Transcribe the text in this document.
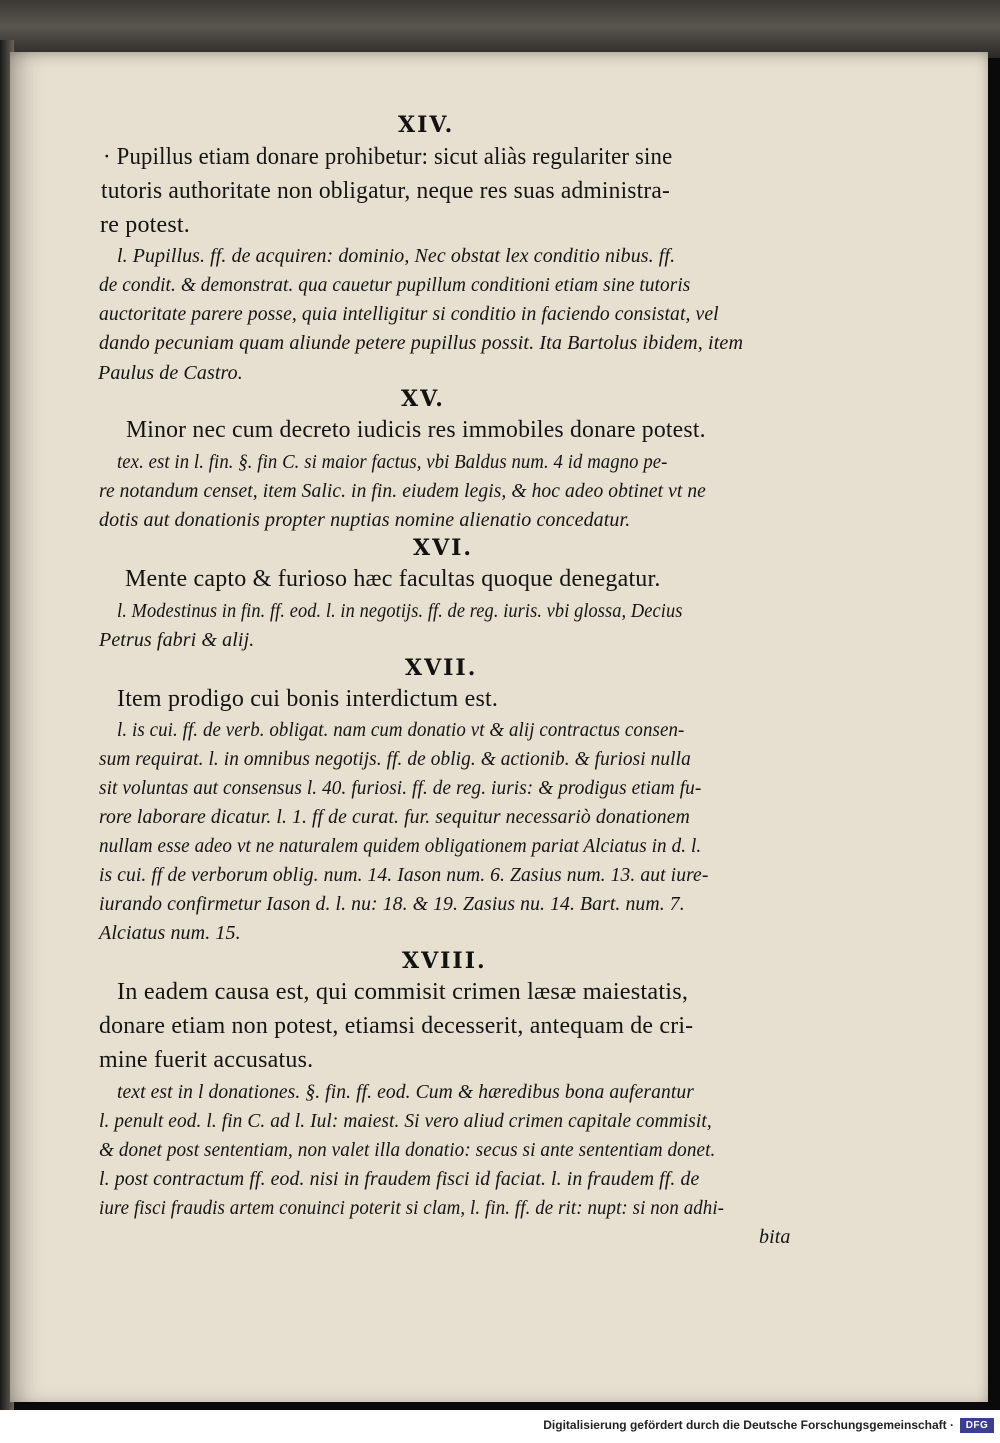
XIV.
· Pupillus etiam donare prohibetur: sicut aliàs regulariter sine
tutoris authoritate non obligatur, neque res suas administra-
re potest.
l. Pupillus. ff. de acquiren: dominio, Nec obstat lex conditio nibus. ff.
de condit. & demonstrat. qua cauetur pupillum conditioni etiam sine tutoris
auctoritate parere posse, quia intelligitur si conditio in faciendo consistat, vel
dando pecuniam quam aliunde petere pupillus possit. Ita Bartolus ibidem, item
Paulus de Castro.
XV.
Minor nec cum decreto iudicis res immobiles donare potest.
tex. est in l. fin. §. fin C. si maior factus, vbi Baldus num. 4 id magno pe-
re notandum censet, item Salic. in fin. eiudem legis, & hoc adeo obtinet vt ne
dotis aut donationis propter nuptias nomine alienatio concedatur.
XVI.
Mente capto & furioso hæc facultas quoque denegatur.
l. Modestinus in fin. ff. eod. l. in negotijs. ff. de reg. iuris. vbi glossa, Decius
Petrus fabri & alij.
XVII.
Item prodigo cui bonis interdictum est.
l. is cui. ff. de verb. obligat. nam cum donatio vt & alij contractus consen-
sum requirat. l. in omnibus negotijs. ff. de oblig. & actionib. & furiosi nulla
sit voluntas aut consensus l. 40. furiosi. ff. de reg. iuris: & prodigus etiam fu-
rore laborare dicatur. l. 1. ff de curat. fur. sequitur necessariò donationem
nullam esse adeo vt ne naturalem quidem obligationem pariat Alciatus in d. l.
is cui. ff de verborum oblig. num. 14. Iason num. 6. Zasius num. 13. aut iure-
iurando confirmetur Iason d. l. nu: 18. & 19. Zasius nu. 14. Bart. num. 7.
Alciatus num. 15.
XVIII.
In eadem causa est, qui commisit crimen læsæ maiestatis,
donare etiam non potest, etiamsi decesserit, antequam de cri-
mine fuerit accusatus.
text est in l donationes. §. fin. ff. eod. Cum & hæredibus bona auferantur
l. penult eod. l. fin C. ad l. Iul: maiest. Si vero aliud crimen capitale commisit,
& donet post sententiam, non valet illa donatio: secus si ante sententiam donet.
l. post contractum ff. eod. nisi in fraudem fisci id faciat. l. in fraudem ff. de
iure fisci fraudis artem conuinci poterit si clam, l. fin. ff. de rit: nupt: si non adhi-
bita
Digitalisierung gefördert durch die Deutsche Forschungsgemeinschaft ·	DFG
